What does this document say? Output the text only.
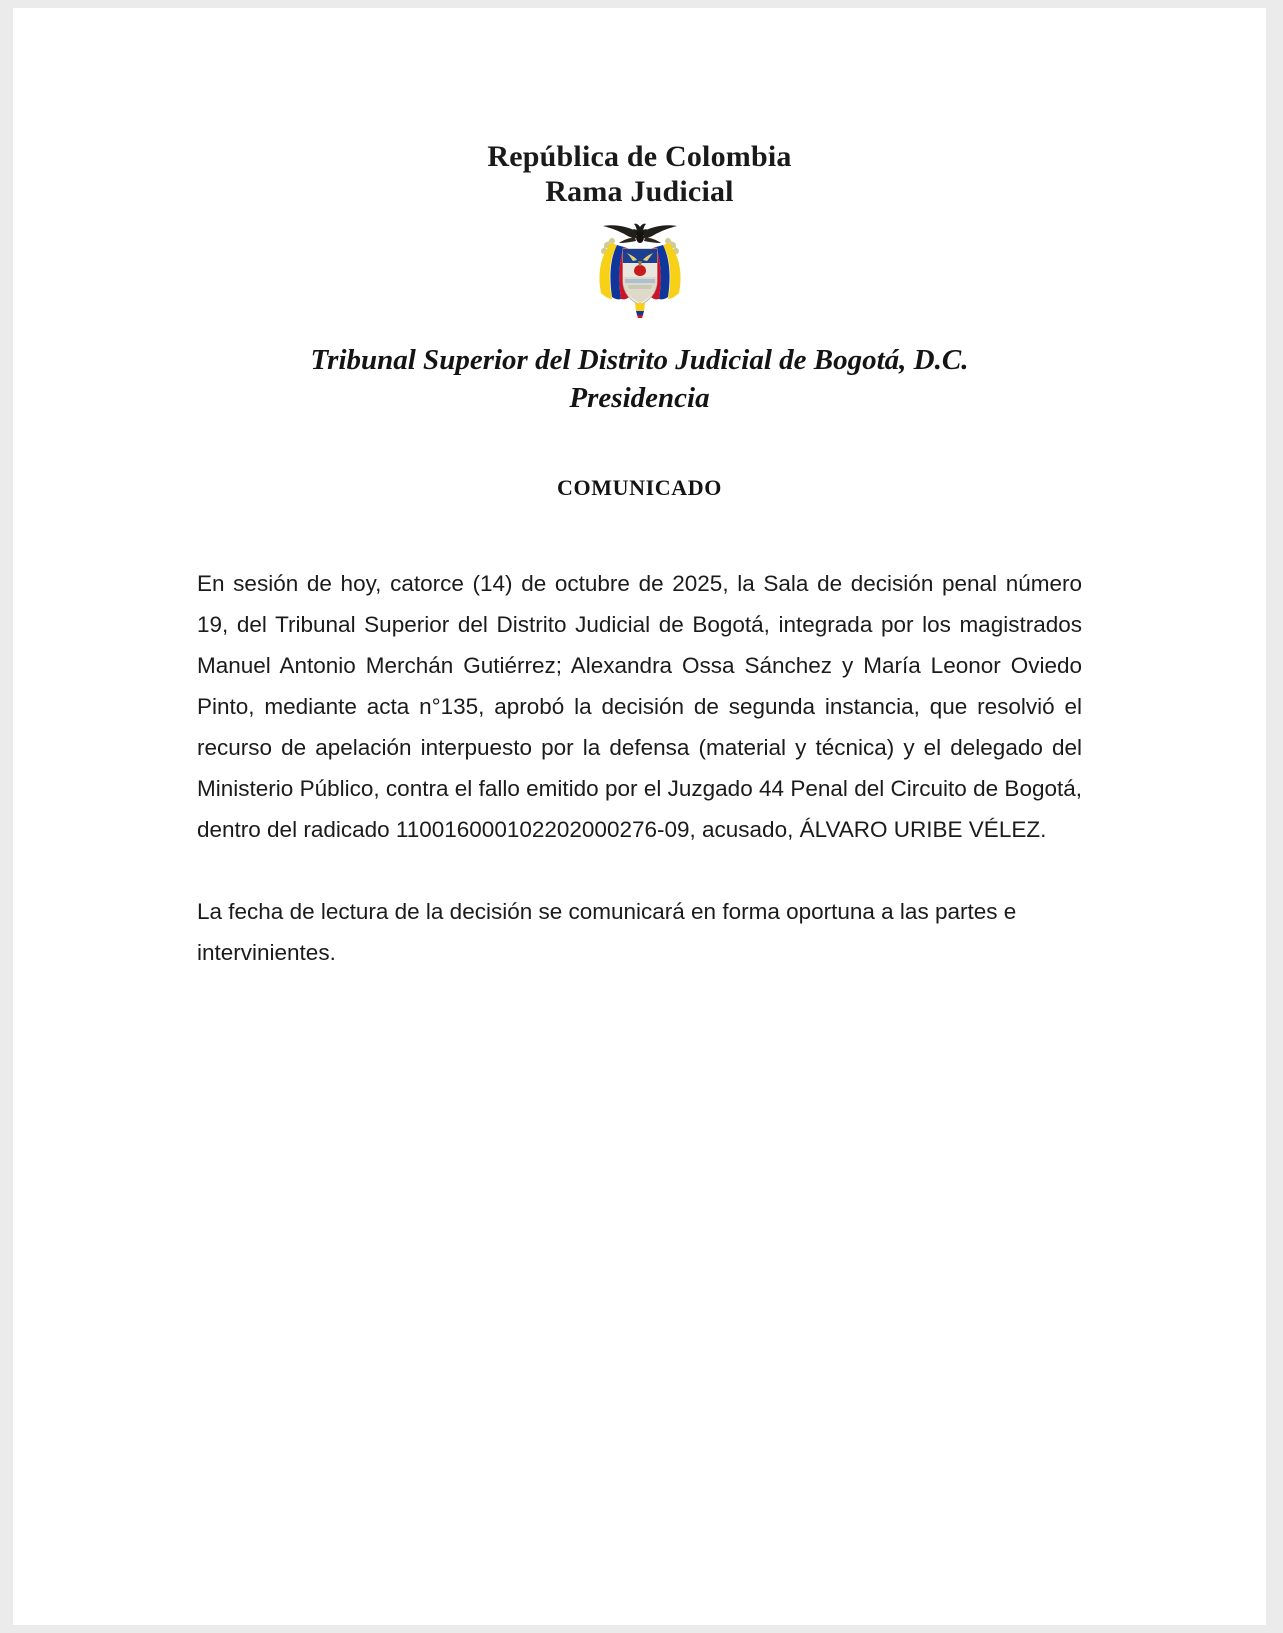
República de Colombia
Rama Judicial
Tribunal Superior del Distrito Judicial de Bogotá, D.C.
Presidencia
COMUNICADO

En sesión de hoy, catorce (14) de octubre de 2025, la Sala de decisión penal número 19, del Tribunal Superior del Distrito Judicial de Bogotá, integrada por los magistrados Manuel Antonio Merchán Gutiérrez; Alexandra Ossa Sánchez y María Leonor Oviedo Pinto, mediante acta n°135, aprobó la decisión de segunda instancia, que resolvió el recurso de apelación interpuesto por la defensa (material y técnica) y el delegado del Ministerio Público, contra el fallo emitido por el Juzgado 44 Penal del Circuito de Bogotá, dentro del radicado 110016000102202000276-09, acusado, ÁLVARO URIBE VÉLEZ.

La fecha de lectura de la decisión se comunicará en forma oportuna a las partes e intervinientes.
